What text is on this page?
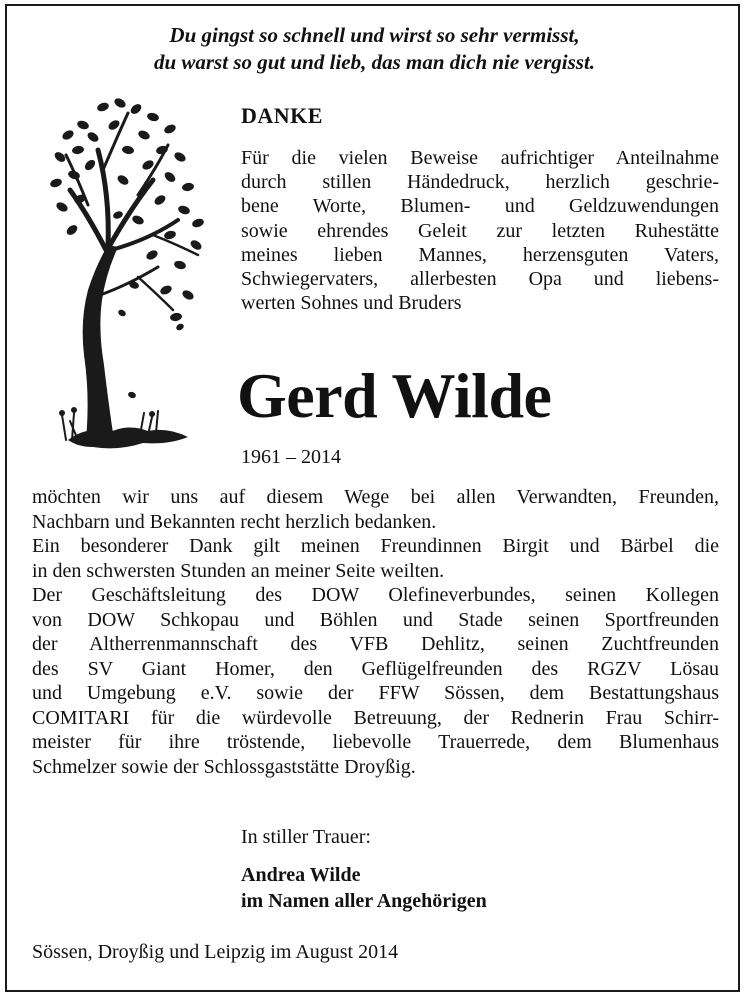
Du gingst so schnell und wirst so sehr vermisst,
du warst so gut und lieb, das man dich nie vergisst.
DANKE
Für die vielen Beweise aufrichtiger Anteilnahme
durch stillen Händedruck, herzlich geschrie-
bene Worte, Blumen- und Geldzuwendungen
sowie ehrendes Geleit zur letzten Ruhestätte
meines lieben Mannes, herzensguten Vaters,
Schwiegervaters, allerbesten Opa und liebens-
werten Sohnes und Bruders
Gerd Wilde
1961 – 2014
möchten wir uns auf diesem Wege bei allen Verwandten, Freunden,
Nachbarn und Bekannten recht herzlich bedanken.
Ein besonderer Dank gilt meinen Freundinnen Birgit und Bärbel die
in den schwersten Stunden an meiner Seite weilten.
Der Geschäftsleitung des DOW Olefineverbundes, seinen Kollegen
von DOW Schkopau und Böhlen und Stade seinen Sportfreunden
der Altherrenmannschaft des VFB Dehlitz, seinen Zuchtfreunden
des SV Giant Homer, den Geflügelfreunden des RGZV Lösau
und Umgebung e.V. sowie der FFW Sössen, dem Bestattungshaus
COMITARI für die würdevolle Betreuung, der Rednerin Frau Schirr-
meister für ihre tröstende, liebevolle Trauerrede, dem Blumenhaus
Schmelzer sowie der Schlossgaststätte Droyßig.
In stiller Trauer:
Andrea Wilde
im Namen aller Angehörigen
Sössen, Droyßig und Leipzig im August 2014
